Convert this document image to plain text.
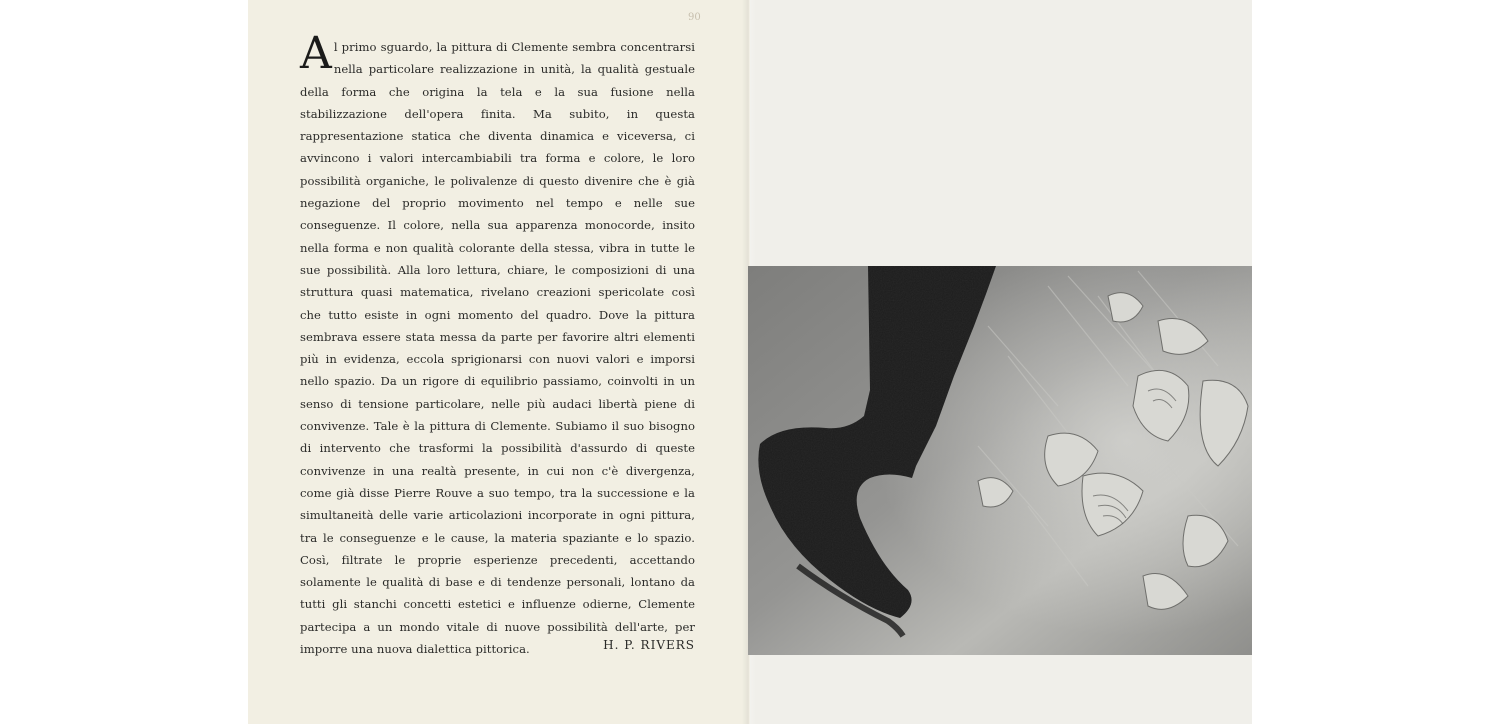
90

Al primo sguardo, la pittura di Clemente sembra concentrarsi nella particolare realizzazione in unità, la qualità gestuale della forma che origina la tela e la sua fusione nella stabilizzazione dell'opera finita. Ma subito, in questa rappresentazione statica che diventa dinamica e viceversa, ci avvincono i valori intercambiabili tra forma e colore, le loro possibilità organiche, le polivalenze di questo divenire che è già negazione del proprio movimento nel tempo e nelle sue conseguenze. Il colore, nella sua apparenza monocorde, insito nella forma e non qualità colorante della stessa, vibra in tutte le sue possibilità. Alla loro lettura, chiare, le composizioni di una struttura quasi matematica, rivelano creazioni spericolate così che tutto esiste in ogni momento del quadro. Dove la pittura sembrava essere stata messa da parte per favorire altri elementi più in evidenza, eccola sprigionarsi con nuovi valori e imporsi nello spazio. Da un rigore di equilibrio passiamo, coinvolti in un senso di tensione particolare, nelle più audaci libertà piene di convivenze. Tale è la pittura di Clemente. Subiamo il suo bisogno di intervento che trasformi la possibilità d'assurdo di queste convivenze in una realtà presente, in cui non c'è divergenza, come già disse Pierre Rouve a suo tempo, tra la successione e la simultaneità delle varie articolazioni incorporate in ogni pittura, tra le conseguenze e le cause, la materia spaziante e lo spazio. Così, filtrate le proprie esperienze precedenti, accettando solamente le qualità di base e di tendenze personali, lontano da tutti gli stanchi concetti estetici e influenze odierne, Clemente partecipa a un mondo vitale di nuove possibilità dell'arte, per imporre una nuova dialettica pittorica.	H. P. RIVERS
